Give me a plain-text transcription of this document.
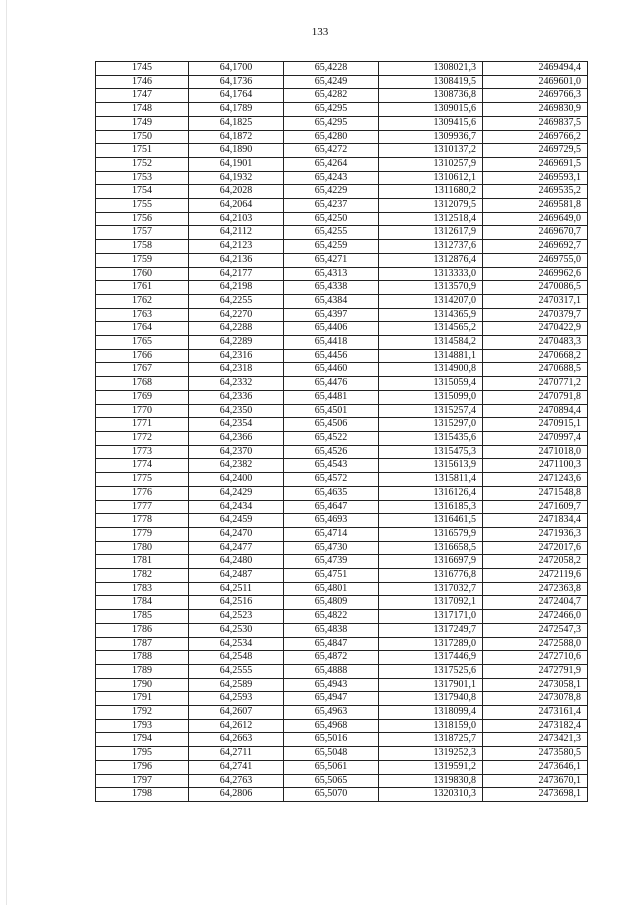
133
1745	64,1700	65,4228	1308021,3	2469494,4
1746	64,1736	65,4249	1308419,5	2469601,0
1747	64,1764	65,4282	1308736,8	2469766,3
1748	64,1789	65,4295	1309015,6	2469830,9
1749	64,1825	65,4295	1309415,6	2469837,5
1750	64,1872	65,4280	1309936,7	2469766,2
1751	64,1890	65,4272	1310137,2	2469729,5
1752	64,1901	65,4264	1310257,9	2469691,5
1753	64,1932	65,4243	1310612,1	2469593,1
1754	64,2028	65,4229	1311680,2	2469535,2
1755	64,2064	65,4237	1312079,5	2469581,8
1756	64,2103	65,4250	1312518,4	2469649,0
1757	64,2112	65,4255	1312617,9	2469670,7
1758	64,2123	65,4259	1312737,6	2469692,7
1759	64,2136	65,4271	1312876,4	2469755,0
1760	64,2177	65,4313	1313333,0	2469962,6
1761	64,2198	65,4338	1313570,9	2470086,5
1762	64,2255	65,4384	1314207,0	2470317,1
1763	64,2270	65,4397	1314365,9	2470379,7
1764	64,2288	65,4406	1314565,2	2470422,9
1765	64,2289	65,4418	1314584,2	2470483,3
1766	64,2316	65,4456	1314881,1	2470668,2
1767	64,2318	65,4460	1314900,8	2470688,5
1768	64,2332	65,4476	1315059,4	2470771,2
1769	64,2336	65,4481	1315099,0	2470791,8
1770	64,2350	65,4501	1315257,4	2470894,4
1771	64,2354	65,4506	1315297,0	2470915,1
1772	64,2366	65,4522	1315435,6	2470997,4
1773	64,2370	65,4526	1315475,3	2471018,0
1774	64,2382	65,4543	1315613,9	2471100,3
1775	64,2400	65,4572	1315811,4	2471243,6
1776	64,2429	65,4635	1316126,4	2471548,8
1777	64,2434	65,4647	1316185,3	2471609,7
1778	64,2459	65,4693	1316461,5	2471834,4
1779	64,2470	65,4714	1316579,9	2471936,3
1780	64,2477	65,4730	1316658,5	2472017,6
1781	64,2480	65,4739	1316697,9	2472058,2
1782	64,2487	65,4751	1316776,8	2472119,6
1783	64,2511	65,4801	1317032,7	2472363,8
1784	64,2516	65,4809	1317092,1	2472404,7
1785	64,2523	65,4822	1317171,0	2472466,0
1786	64,2530	65,4838	1317249,7	2472547,3
1787	64,2534	65,4847	1317289,0	2472588,0
1788	64,2548	65,4872	1317446,9	2472710,6
1789	64,2555	65,4888	1317525,6	2472791,9
1790	64,2589	65,4943	1317901,1	2473058,1
1791	64,2593	65,4947	1317940,8	2473078,8
1792	64,2607	65,4963	1318099,4	2473161,4
1793	64,2612	65,4968	1318159,0	2473182,4
1794	64,2663	65,5016	1318725,7	2473421,3
1795	64,2711	65,5048	1319252,3	2473580,5
1796	64,2741	65,5061	1319591,2	2473646,1
1797	64,2763	65,5065	1319830,8	2473670,1
1798	64,2806	65,5070	1320310,3	2473698,1
